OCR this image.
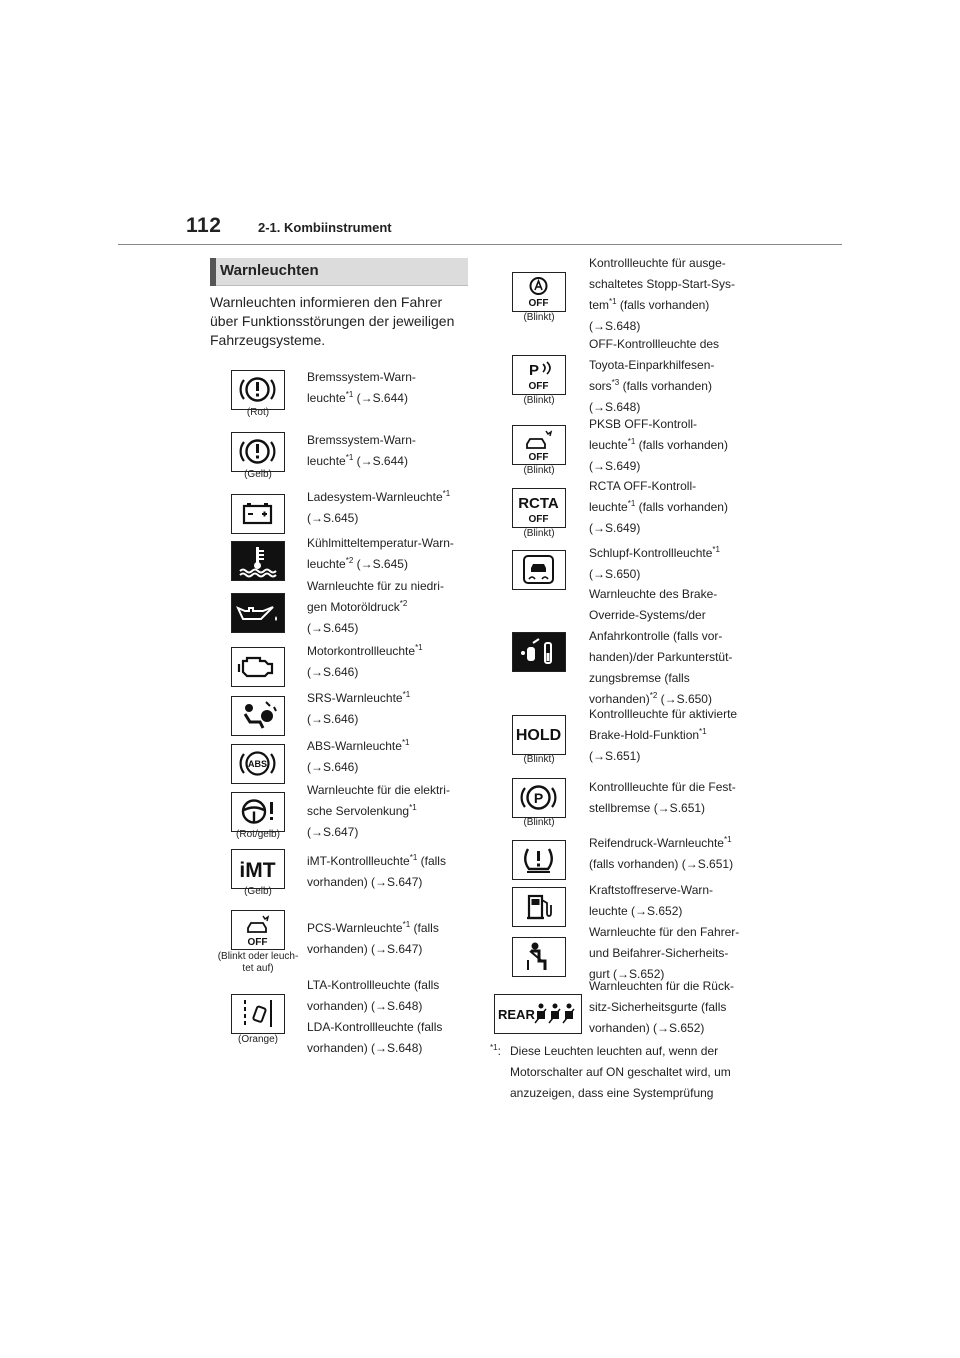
112	2-1. Kombiinstrument
Warnleuchten
Warnleuchten informieren den Fahrer über Funktionsstörungen der jeweiligen Fahrzeugsystemе.
ABS
iMT
OFF
(Rot)
(Gelb)
(Rot/gelb)
(Gelb)
(Blinkt oder leuch- tet auf)
(Orange)
Bremssystem-Warn-
leuchte$^{*1}$ (→S.644)
Bremssystem-Warn-
leuchte$^{*1}$ (→S.644)
Ladesystem-Warnleuchte$^{*1}$
(→S.645)
Kühlmitteltemperatur-Warn-
leuchte$^{*2}$ (→S.645)
Warnleuchte für zu niedri-
gen Motoröldruck$^{*2}$
(→S.645)
Motorkontrollleuchte$^{*1}$
(→S.646)
SRS-Warnleuchte$^{*1}$
(→S.646)
ABS-Warnleuchte$^{*1}$
(→S.646)
Warnleuchte für die elektri-
sche Servolenkung$^{*1}$
(→S.647)
iMT-Kontrollleuchte$^{*1}$ (falls
vorhanden) (→S.647)
PCS-Warnleuchte$^{*1}$ (falls
vorhanden) (→S.647)
LTA-Kontrollleuchte (falls
vorhanden) (→S.648)
LDA-Kontrollleuchte (falls
vorhanden) (→S.648)
OFF
P
OFF
OFF
RCTA
OFF
HOLD
P
REAR
(Blinkt)
(Blinkt)
(Blinkt)
(Blinkt)
(Blinkt)
(Blinkt)
Kontrollleuchte für ausge-
schaltetes Stopp-Start-Sys-
tem$^{*1}$ (falls vorhanden)
(→S.648)
OFF-Kontrollleuchte des
Toyota-Einparkhilfesen-
sors$^{*3}$ (falls vorhanden)
(→S.648)
PKSB OFF-Kontroll-
leuchte$^{*1}$ (falls vorhanden)
(→S.649)
RCTA OFF-Kontroll-
leuchte$^{*1}$ (falls vorhanden)
(→S.649)
Schlupf-Kontrollleuchte$^{*1}$
(→S.650)
Warnleuchte des Brake-
Override-Systems/der
Anfahrkontrolle (falls vor-
handen)/der Parkunterstüt-
zungsbremse (falls
vorhanden)$^{*2}$ (→S.650)
Kontrollleuchte für aktivierte
Brake-Hold-Funktion$^{*1}$
(→S.651)
Kontrollleuchte für die Fest-
stellbremse (→S.651)
Reifendruck-Warnleuchte$^{*1}$
(falls vorhanden) (→S.651)
Kraftstoffreserve-Warn-
leuchte (→S.652)
Warnleuchte für den Fahrer-
und Beifahrer-Sicherheits-
gurt (→S.652)
Warnleuchten für die Rück-
sitz-Sicherheitsgurte (falls
vorhanden) (→S.652)
$^{*1}$: Diese Leuchten leuchten auf, wenn der Motorschalter auf ON geschaltet wird, um anzuzeigen, dass eine Systemprüfung
